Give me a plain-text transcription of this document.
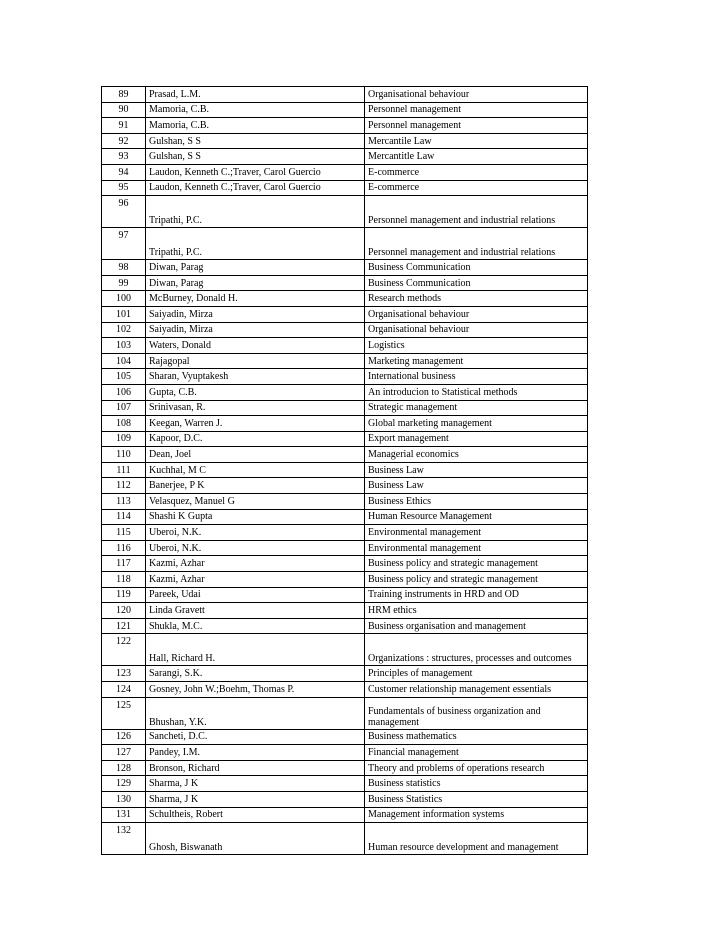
89	Prasad, L.M.	Organisational behaviour
90	Mamoria, C.B.	Personnel management
91	Mamoria, C.B.	Personnel management
92	Gulshan, S S	Mercantile Law
93	Gulshan, S S	Mercantitle Law
94	Laudon, Kenneth C.;Traver, Carol Guercio	E-commerce
95	Laudon, Kenneth C.;Traver, Carol Guercio	E-commerce
96	Tripathi, P.C.	Personnel management and industrial relations
97	Tripathi, P.C.	Personnel management and industrial relations
98	Diwan, Parag	Business Communication
99	Diwan, Parag	Business Communication
100	McBurney, Donald H.	Research methods
101	Saiyadin, Mirza	Organisational behaviour
102	Saiyadin, Mirza	Organisational behaviour
103	Waters, Donald	Logistics
104	Rajagopal	Marketing management
105	Sharan, Vyuptakesh	International business
106	Gupta, C.B.	An introducion to Statistical methods
107	Srinivasan, R.	Strategic management
108	Keegan, Warren J.	Global marketing management
109	Kapoor, D.C.	Export management
110	Dean, Joel	Managerial economics
111	Kuchhal, M C	Business Law
112	Banerjee, P K	Business Law
113	Velasquez, Manuel G	Business Ethics
114	Shashi K Gupta	Human Resource Management
115	Uberoi, N.K.	Environmental management
116	Uberoi, N.K.	Environmental management
117	Kazmi, Azhar	Business policy and strategic management
118	Kazmi, Azhar	Business policy and strategic management
119	Pareek, Udai	Training instruments in HRD and OD
120	Linda Gravett	HRM ethics
121	Shukla, M.C.	Business organisation and management
122	Hall, Richard H.	Organizations : structures, processes and outcomes
123	Sarangi, S.K.	Principles of management
124	Gosney, John W.;Boehm, Thomas P.	Customer relationship management essentials
125	Bhushan, Y.K.	Fundamentals of business organization and management
126	Sancheti, D.C.	Business mathematics
127	Pandey, I.M.	Financial management
128	Bronson, Richard	Theory and problems of operations research
129	Sharma, J K	Business statistics
130	Sharma, J K	Business Statistics
131	Schultheis, Robert	Management information systems
132	Ghosh, Biswanath	Human resource development and management
